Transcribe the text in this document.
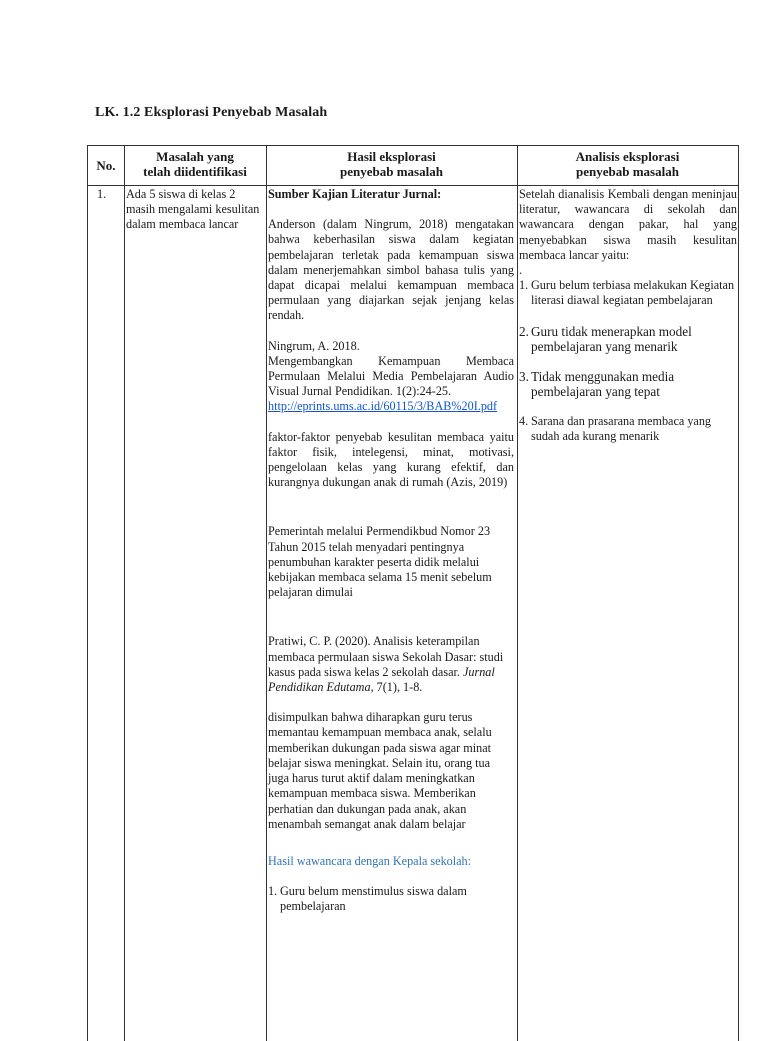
LK. 1.2 Eksplorasi Penyebab Masalah
No.
Masalah yang
telah diidentifikasi
Hasil eksplorasi
penyebab masalah
Analisis eksplorasi
penyebab masalah
1. Ada 5 siswa di kelas 2 masih mengalami kesulitan dalam membaca lancar

Sumber Kajian Literatur Jurnal:

Anderson (dalam Ningrum, 2018) mengatakan bahwa keberhasilan siswa dalam kegiatan pembelajaran terletak pada kemampuan siswa dalam menerjemahkan simbol bahasa tulis yang dapat dicapai melalui kemampuan membaca permulaan yang diajarkan sejak jenjang kelas rendah.

Ningrum, A. 2018.

Mengembangkan Kemampuan Membaca Permulaan Melalui Media Pembelajaran Audio Visual Jurnal Pendidikan. 1(2):24-25.

http://eprints.ums.ac.id/60115/3/BAB%20I.pdf

faktor-faktor penyebab kesulitan membaca yaitu faktor fisik, intelegensi, minat, motivasi, pengelolaan kelas yang kurang efektif, dan kurangnya dukungan anak di rumah (Azis, 2019)

Pemerintah melalui Permendikbud Nomor 23 Tahun 2015 telah menyadari pentingnya penumbuhan karakter peserta didik melalui kebijakan membaca selama 15 menit sebelum pelajaran dimulai

Pratiwi, C. P. (2020). Analisis keterampilan membaca permulaan siswa Sekolah Dasar: studi kasus pada siswa kelas 2 sekolah dasar. Jurnal Pendidikan Edutama, 7(1), 1-8.

disimpulkan bahwa diharapkan guru terus memantau kemampuan membaca anak, selalu memberikan dukungan pada siswa agar minat belajar siswa meningkat. Selain itu, orang tua juga harus turut aktif dalam meningkatkan kemampuan membaca siswa. Memberikan perhatian dan dukungan pada anak, akan menambah semangat anak dalam belajar

Hasil wawancara dengan Kepala sekolah:

1. Guru belum menstimulus siswa dalam pembelajaran

Setelah dianalisis Kembali dengan meninjau literatur, wawancara di sekolah dan wawancara dengan pakar, hal yang menyebabkan siswa masih kesulitan membaca lancar yaitu:

.

1. Guru belum terbiasa melakukan Kegiatan literasi diawal kegiatan pembelajaran
2. Guru tidak menerapkan model pembelajaran yang menarik
3. Tidak menggunakan media pembelajaran yang tepat
4. Sarana dan prasarana membaca yang sudah ada kurang menarik
